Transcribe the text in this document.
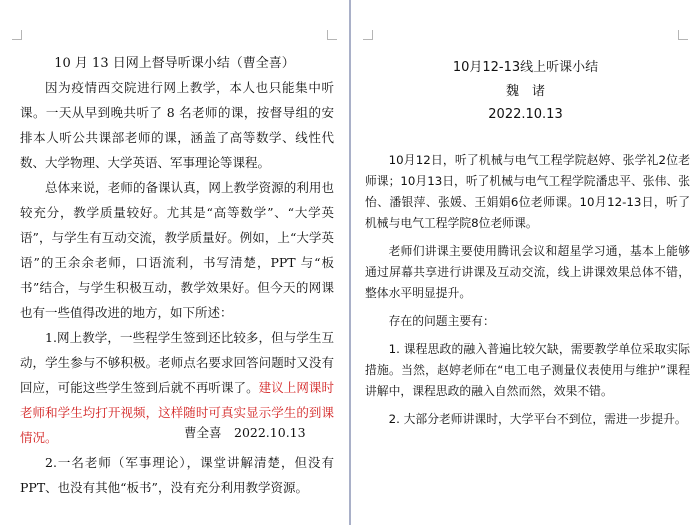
10 月 13 日网上督导听课小结（曹全喜）

因为疫情西交院进行网上教学，本人也只能集中听课。一天从早到晚共听了 8 名老师的课，按督导组的安排本人听公共课部老师的课，涵盖了高等数学、线性代数、大学物理、大学英语、军事理论等课程。

总体来说，老师的备课认真，网上教学资源的利用也较充分，教学质量较好。尤其是“高等数学”、“大学英语”，与学生有互动交流，教学质量好。例如，上“大学英语”的王余余老师，口语流利，书写清楚，PPT 与“板书”结合，与学生积极互动，教学效果好。但今天的网课也有一些值得改进的地方，如下所述：

1.网上教学，一些程学生签到还比较多，但与学生互动，学生参与不够积极。老师点名要求回答问题时又没有回应，可能这些学生签到后就不再听课了。建议上网课时老师和学生均打开视频，这样随时可真实显示学生的到课情况。

2.一名老师（军事理论），课堂讲解清楚，但没有 PPT、也没有其他“板书”，没有充分利用教学资源。

曹全喜　2022.10.13
10月12-13线上听课小结
魏　诸
2022.10.13

10月12日，听了机械与电气工程学院赵婷、张学礼2位老师课；10月13日，听了机械与电气工程学院潘忠平、张伟、张怡、潘银萍、张媛、王娟娟6位老师课。10月12-13日，听了机械与电气工程学院8位老师课。

老师们讲课主要使用腾讯会议和超星学习通，基本上能够通过屏幕共享进行讲课及互动交流，线上讲课效果总体不错，整体水平明显提升。

存在的问题主要有：

1. 课程思政的融入普遍比较欠缺，需要教学单位采取实际措施。当然，赵婷老师在“电工电子测量仪表使用与维护”课程讲解中，课程思政的融入自然而然，效果不错。

2. 大部分老师讲课时，大学平台不到位，需进一步提升。
